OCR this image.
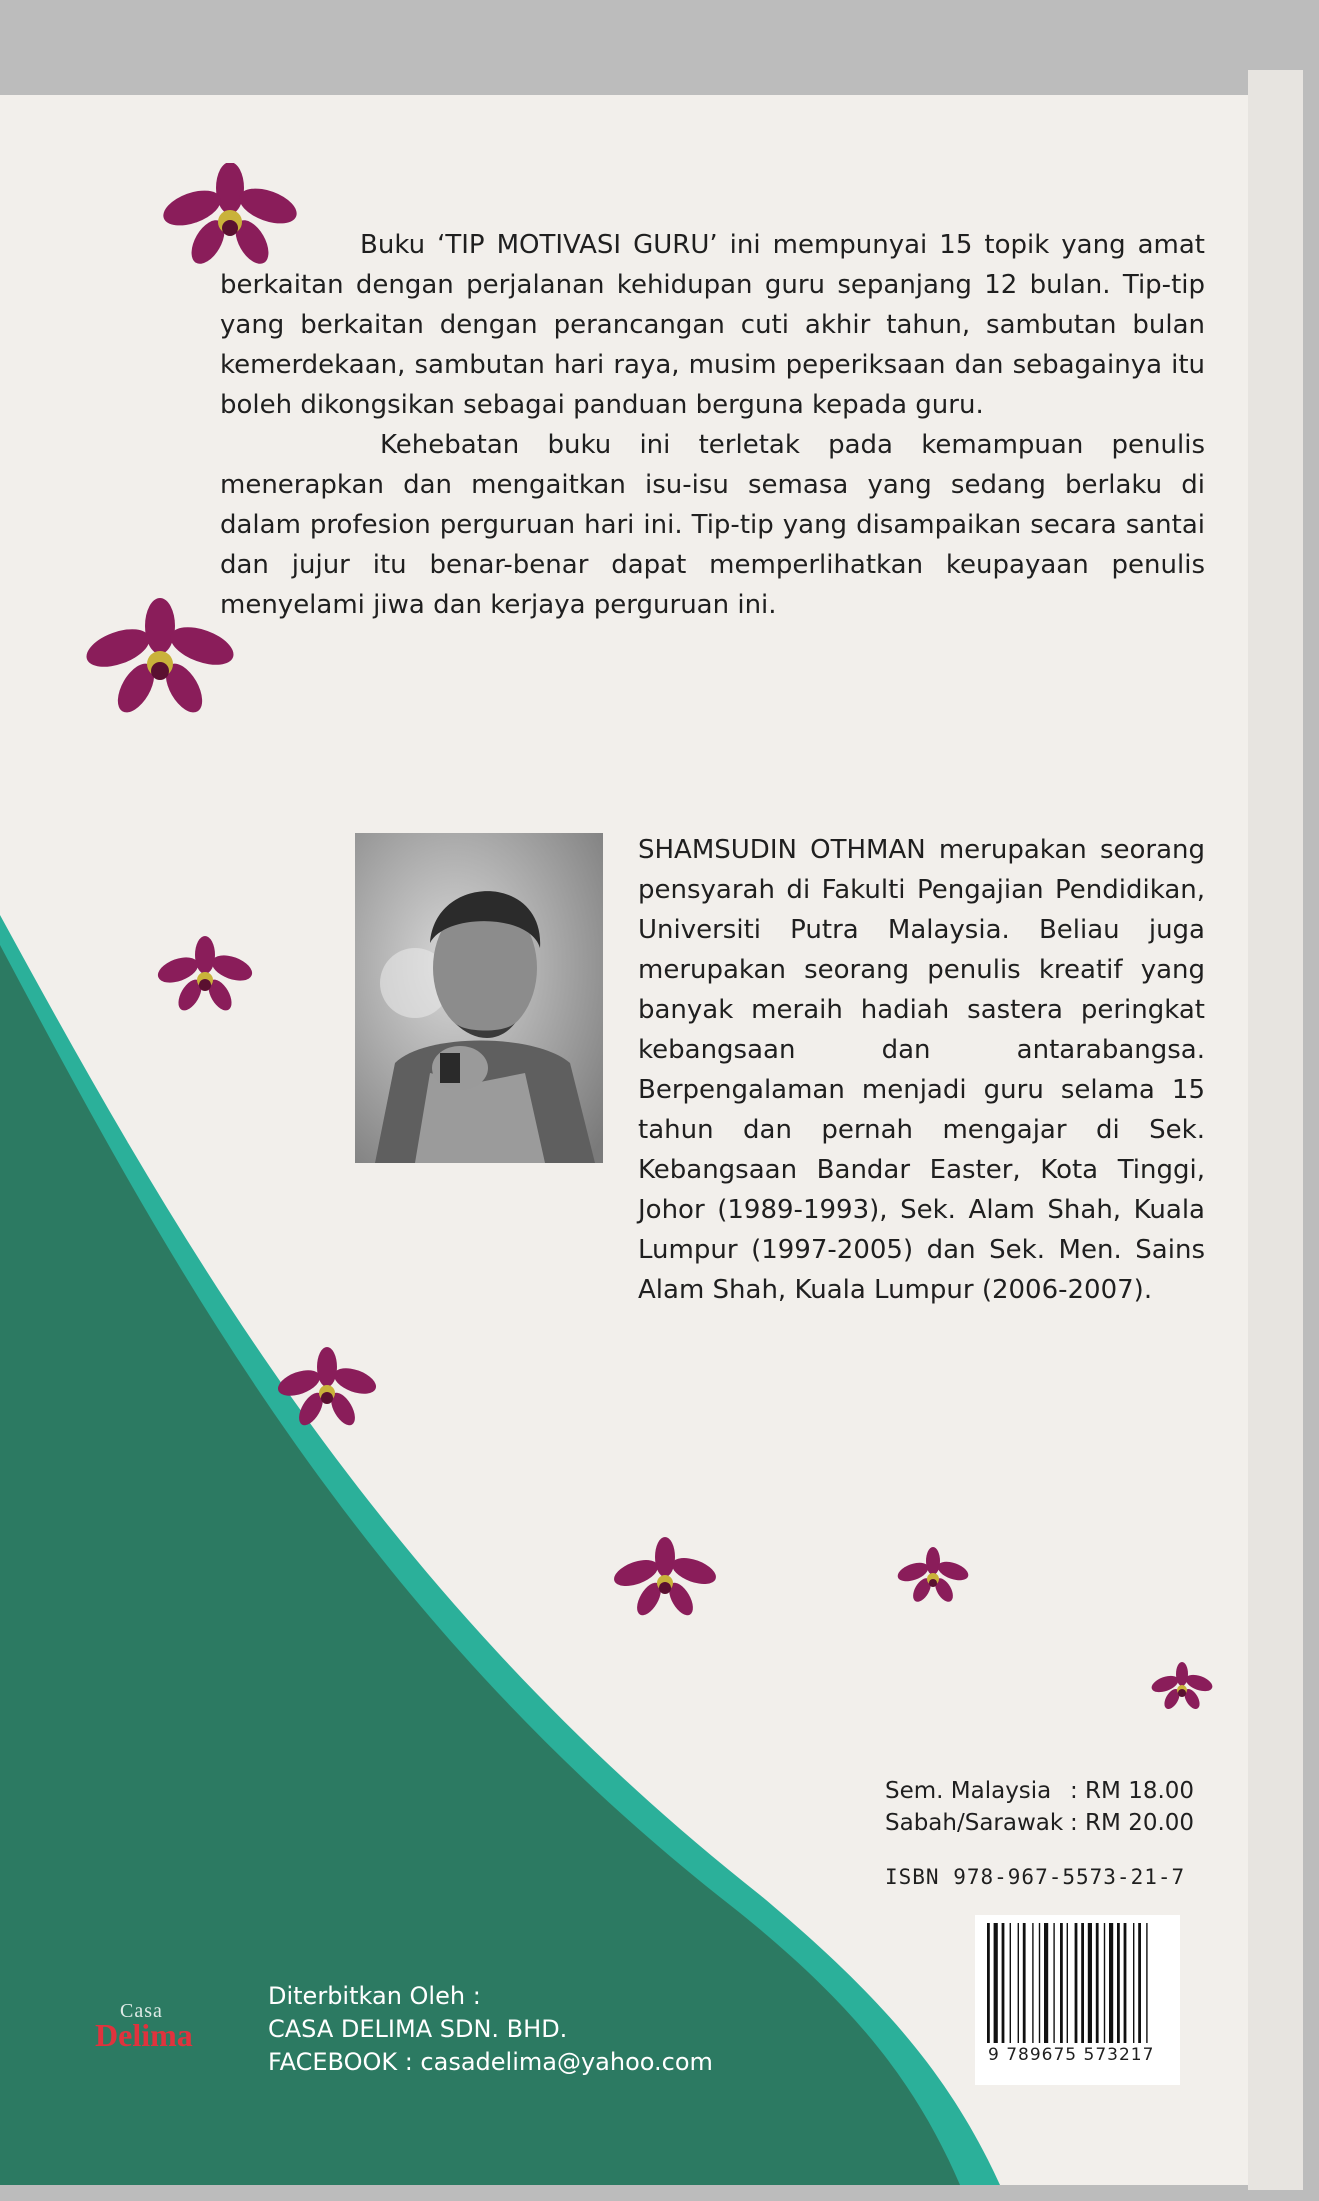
Buku ‘TIP MOTIVASI GURU’ ini mempunyai 15 topik yang amat berkaitan dengan perjalanan kehidupan guru sepanjang 12 bulan. Tip-tip yang berkaitan dengan perancangan cuti akhir tahun, sambutan bulan kemerdekaan, sambutan hari raya, musim peperiksaan dan sebagainya itu boleh dikongsikan sebagai panduan berguna kepada guru.

Kehebatan buku ini terletak pada kemampuan penulis menerapkan dan mengaitkan isu-isu semasa yang sedang berlaku di dalam profesion perguruan hari ini. Tip-tip yang disampaikan secara santai dan jujur itu benar-benar dapat memperlihatkan keupayaan penulis menyelami jiwa dan kerjaya perguruan ini.

SHAMSUDIN OTHMAN merupakan seorang pensyarah di Fakulti Pengajian Pendidikan, Universiti Putra Malaysia. Beliau juga merupakan seorang penulis kreatif yang banyak meraih hadiah sastera peringkat kebangsaan dan antarabangsa. Berpengalaman menjadi guru selama 15 tahun dan pernah mengajar di Sek. Kebangsaan Bandar Easter, Kota Tinggi, Johor (1989-1993), Sek. Alam Shah, Kuala Lumpur (1997-2005) dan Sek. Men. Sains Alam Shah, Kuala Lumpur (2006-2007).

Sem. Malaysia : RM 18.00
Sabah/Sarawak : RM 20.00
ISBN 978-967-5573-21-7
9 789675 573217
Casa
Delima
Diterbitkan Oleh :
CASA DELIMA SDN. BHD.
FACEBOOK : casadelima@yahoo.com
